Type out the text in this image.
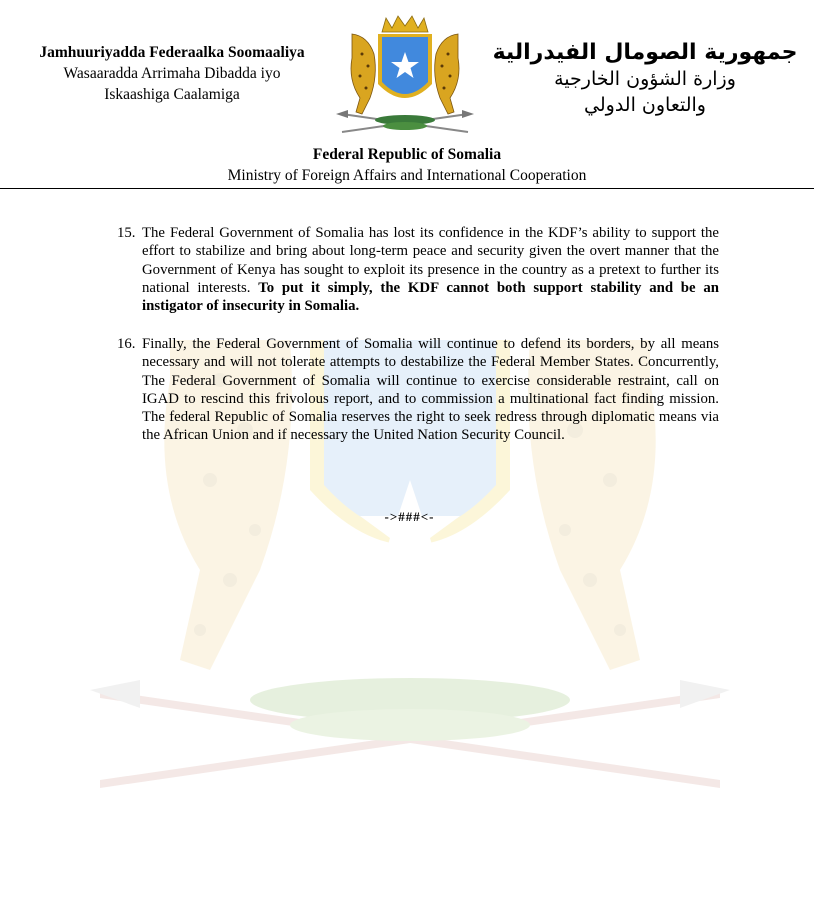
Jamhuuriyadda Federaalka Soomaaliya
Wasaaradda Arrimaha Dibadda iyo
Iskaashiga Caalamiga
جمهورية الصومال الفيدرالية
وزارة الشؤون الخارجية
والتعاون الدولي
Federal Republic of Somalia
Ministry of Foreign Affairs and International Cooperation
15. The Federal Government of Somalia has lost its confidence in the KDF’s ability to support the effort to stabilize and bring about long-term peace and security given the overt manner that the Government of Kenya has sought to exploit its presence in the country as a pretext to further its national interests. To put it simply, the KDF cannot both support stability and be an instigator of insecurity in Somalia.
16. Finally, the Federal Government of Somalia will continue to defend its borders, by all means necessary and will not tolerate attempts to destabilize the Federal Member States. Concurrently, The Federal Government of Somalia will continue to exercise considerable restraint, call on IGAD to rescind this frivolous report, and to commission a multinational fact finding mission. The federal Republic of Somalia reserves the right to seek redress through diplomatic means via the African Union and if necessary the United Nation Security Council.
->###<-
